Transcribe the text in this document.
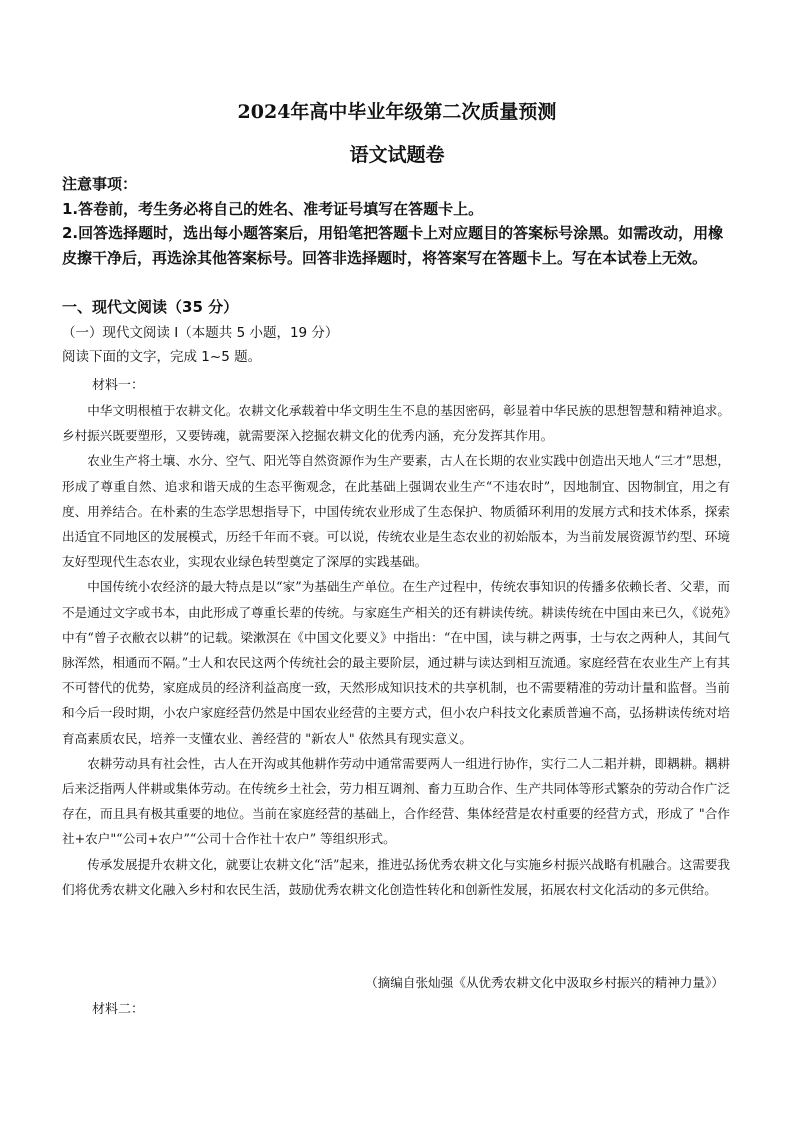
2024年高中毕业年级第二次质量预测
语文试题卷
注意事项：
1.答卷前，考生务必将自己的姓名、准考证号填写在答题卡上。
2.回答选择题时，选出每小题答案后，用铅笔把答题卡上对应题目的答案标号涂黑。如需改动，用橡皮擦干净后，再选涂其他答案标号。回答非选择题时，将答案写在答题卡上。写在本试卷上无效。
一、现代文阅读（35 分）
（一）现代文阅读 I（本题共 5 小题，19 分）
阅读下面的文字，完成 1~5 题。
材料一：

中华文明根植于农耕文化。农耕文化承载着中华文明生生不息的基因密码，彰显着中华民族的思想智慧和精神追求。乡村振兴既要塑形，又要铸魂，就需要深入挖掘农耕文化的优秀内涵，充分发挥其作用。

农业生产将土壤、水分、空气、阳光等自然资源作为生产要素，古人在长期的农业实践中创造出天地人“三才”思想，形成了尊重自然、追求和谐天成的生态平衡观念，在此基础上强调农业生产“不违农时”，因地制宜、因物制宜，用之有度、用养结合。在朴素的生态学思想指导下，中国传统农业形成了生态保护、物质循环利用的发展方式和技术体系，探索出适宜不同地区的发展模式，历经千年而不衰。可以说，传统农业是生态农业的初始版本，为当前发展资源节约型、环境友好型现代生态农业，实现农业绿色转型奠定了深厚的实践基础。

中国传统小农经济的最大特点是以“家”为基础生产单位。在生产过程中，传统农事知识的传播多依赖长者、父辈，而不是通过文字或书本，由此形成了尊重长辈的传统。与家庭生产相关的还有耕读传统。耕读传统在中国由来已久，《说苑》中有“曾子衣敝衣以耕”的记载。梁漱溟在《中国文化要义》中指出：“在中国，读与耕之两事，士与农之两种人，其间气脉浑然，相通而不隔。”士人和农民这两个传统社会的最主要阶层，通过耕与读达到相互流通。家庭经营在农业生产上有其不可替代的优势，家庭成员的经济利益高度一致，天然形成知识技术的共享机制，也不需要精准的劳动计量和监督。当前和今后一段时期，小农户家庭经营仍然是中国农业经营的主要方式，但小农户科技文化素质普遍不高，弘扬耕读传统对培育高素质农民，培养一支懂农业、善经营的 "新农人" 依然具有现实意义。

农耕劳动具有社会性，古人在开沟或其他耕作劳动中通常需要两人一组进行协作，实行二人二耜并耕，即耦耕。耦耕后来泛指两人伴耕或集体劳动。在传统乡土社会，劳力相互调剂、畜力互助合作、生产共同体等形式繁杂的劳动合作广泛存在，而且具有极其重要的地位。当前在家庭经营的基础上，合作经营、集体经营是农村重要的经营方式，形成了 "合作社+农户"“公司+农户”“公司十合作社十农户” 等组织形式。

传承发展提升农耕文化，就要让农耕文化“活”起来，推进弘扬优秀农耕文化与实施乡村振兴战略有机融合。这需要我们将优秀农耕文化融入乡村和农民生活，鼓励优秀农耕文化创造性转化和创新性发展，拓展农村文化活动的多元供给。

（摘编自张灿强《从优秀农耕文化中汲取乡村振兴的精神力量》）
材料二：
